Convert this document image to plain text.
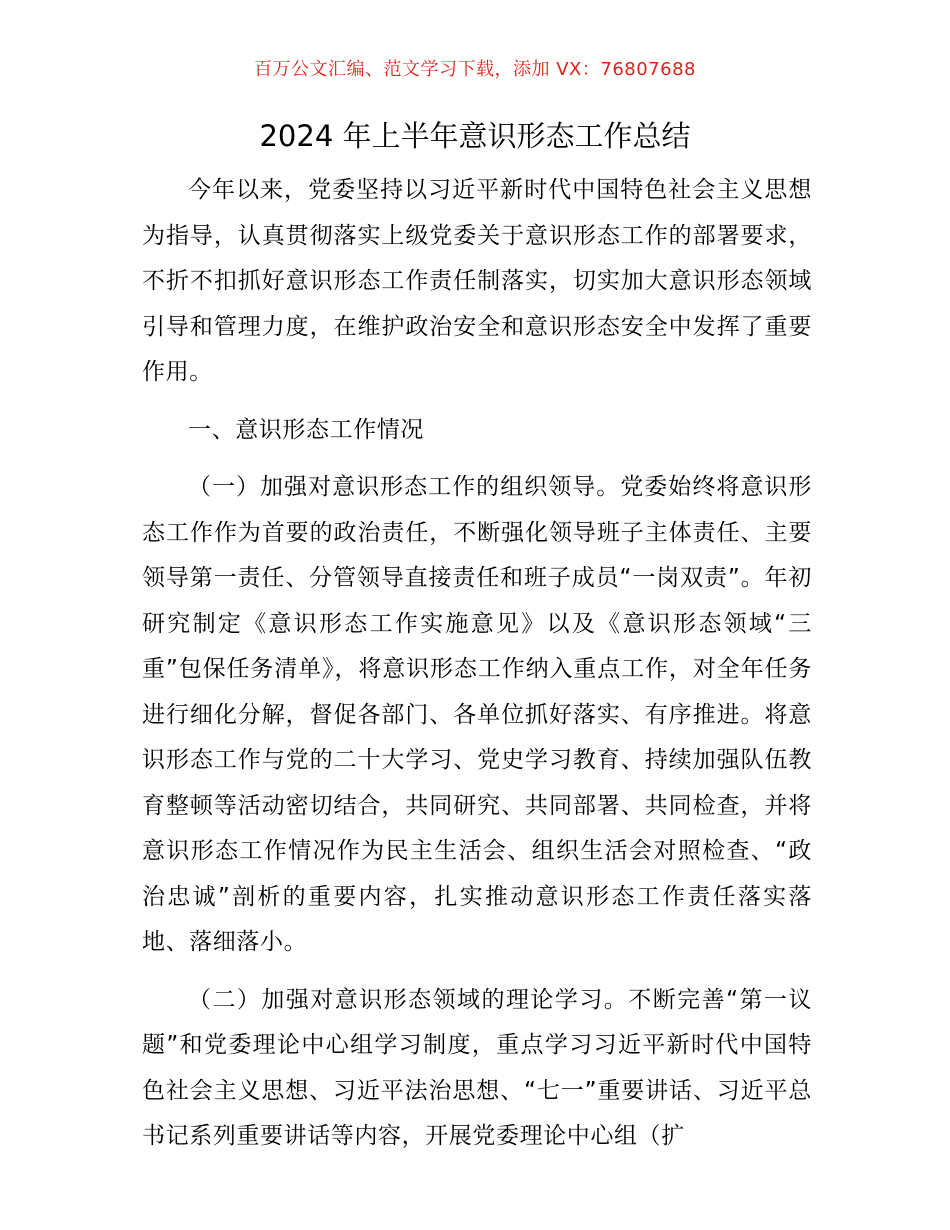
百万公文汇编、范文学习下载，添加 VX：76807688
2024 年上半年意识形态工作总结

今年以来，党委坚持以习近平新时代中国特色社会主义思想为指导，认真贯彻落实上级党委关于意识形态工作的部署要求，不折不扣抓好意识形态工作责任制落实，切实加大意识形态领域引导和管理力度，在维护政治安全和意识形态安全中发挥了重要作用。

一、意识形态工作情况

（一）加强对意识形态工作的组织领导。党委始终将意识形态工作作为首要的政治责任，不断强化领导班子主体责任、主要领导第一责任、分管领导直接责任和班子成员“一岗双责”。年初研究制定《意识形态工作实施意见》以及《意识形态领域“三重”包保任务清单》，将意识形态工作纳入重点工作，对全年任务进行细化分解，督促各部门、各单位抓好落实、有序推进。将意识形态工作与党的二十大学习、党史学习教育、持续加强队伍教育整顿等活动密切结合，共同研究、共同部署、共同检查，并将意识形态工作情况作为民主生活会、组织生活会对照检查、“政治忠诚”剖析的重要内容，扎实推动意识形态工作责任落实落地、落细落小。

（二）加强对意识形态领域的理论学习。不断完善“第一议题”和党委理论中心组学习制度，重点学习习近平新时代中国特色社会主义思想、习近平法治思想、“七一”重要讲话、习近平总书记系列重要讲话等内容，开展党委理论中心组（扩
